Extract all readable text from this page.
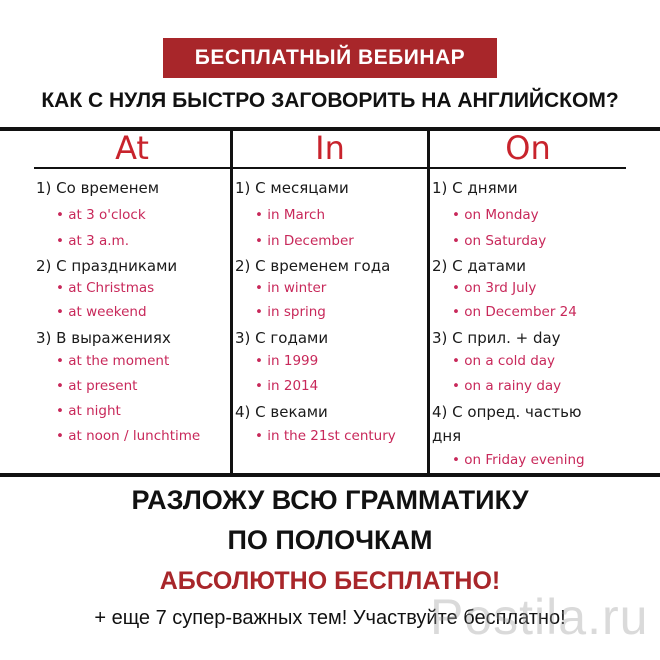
БЕСПЛАТНЫЙ ВЕБИНАР
КАК С НУЛЯ БЫСТРО ЗАГОВОРИТЬ НА АНГЛИЙСКОМ?
At
1) Со временем
• at 3 o'clock
• at 3 a.m.
2) С праздниками
• at Christmas
• at weekend
3) В выражениях
• at the moment
• at present
• at night
• at noon / lunchtime
In
1) С месяцами
• in March
• in December
2) С временем года
• in winter
• in spring
3) С годами
• in 1999
• in 2014
4) С веками
• in the 21st century
On
1) С днями
• on Monday
• on Saturday
2) С датами
• on 3rd July
• on December 24
3) С прил. + day
• on a cold day
• on a rainy day
4) С опред. частью
дня
• on Friday evening
РАЗЛОЖУ ВСЮ ГРАММАТИКУ
ПО ПОЛОЧКАМ
АБСОЛЮТНО БЕСПЛАТНО!
+ еще 7 супер-важных тем! Участвуйте бесплатно!
Postila.ru
